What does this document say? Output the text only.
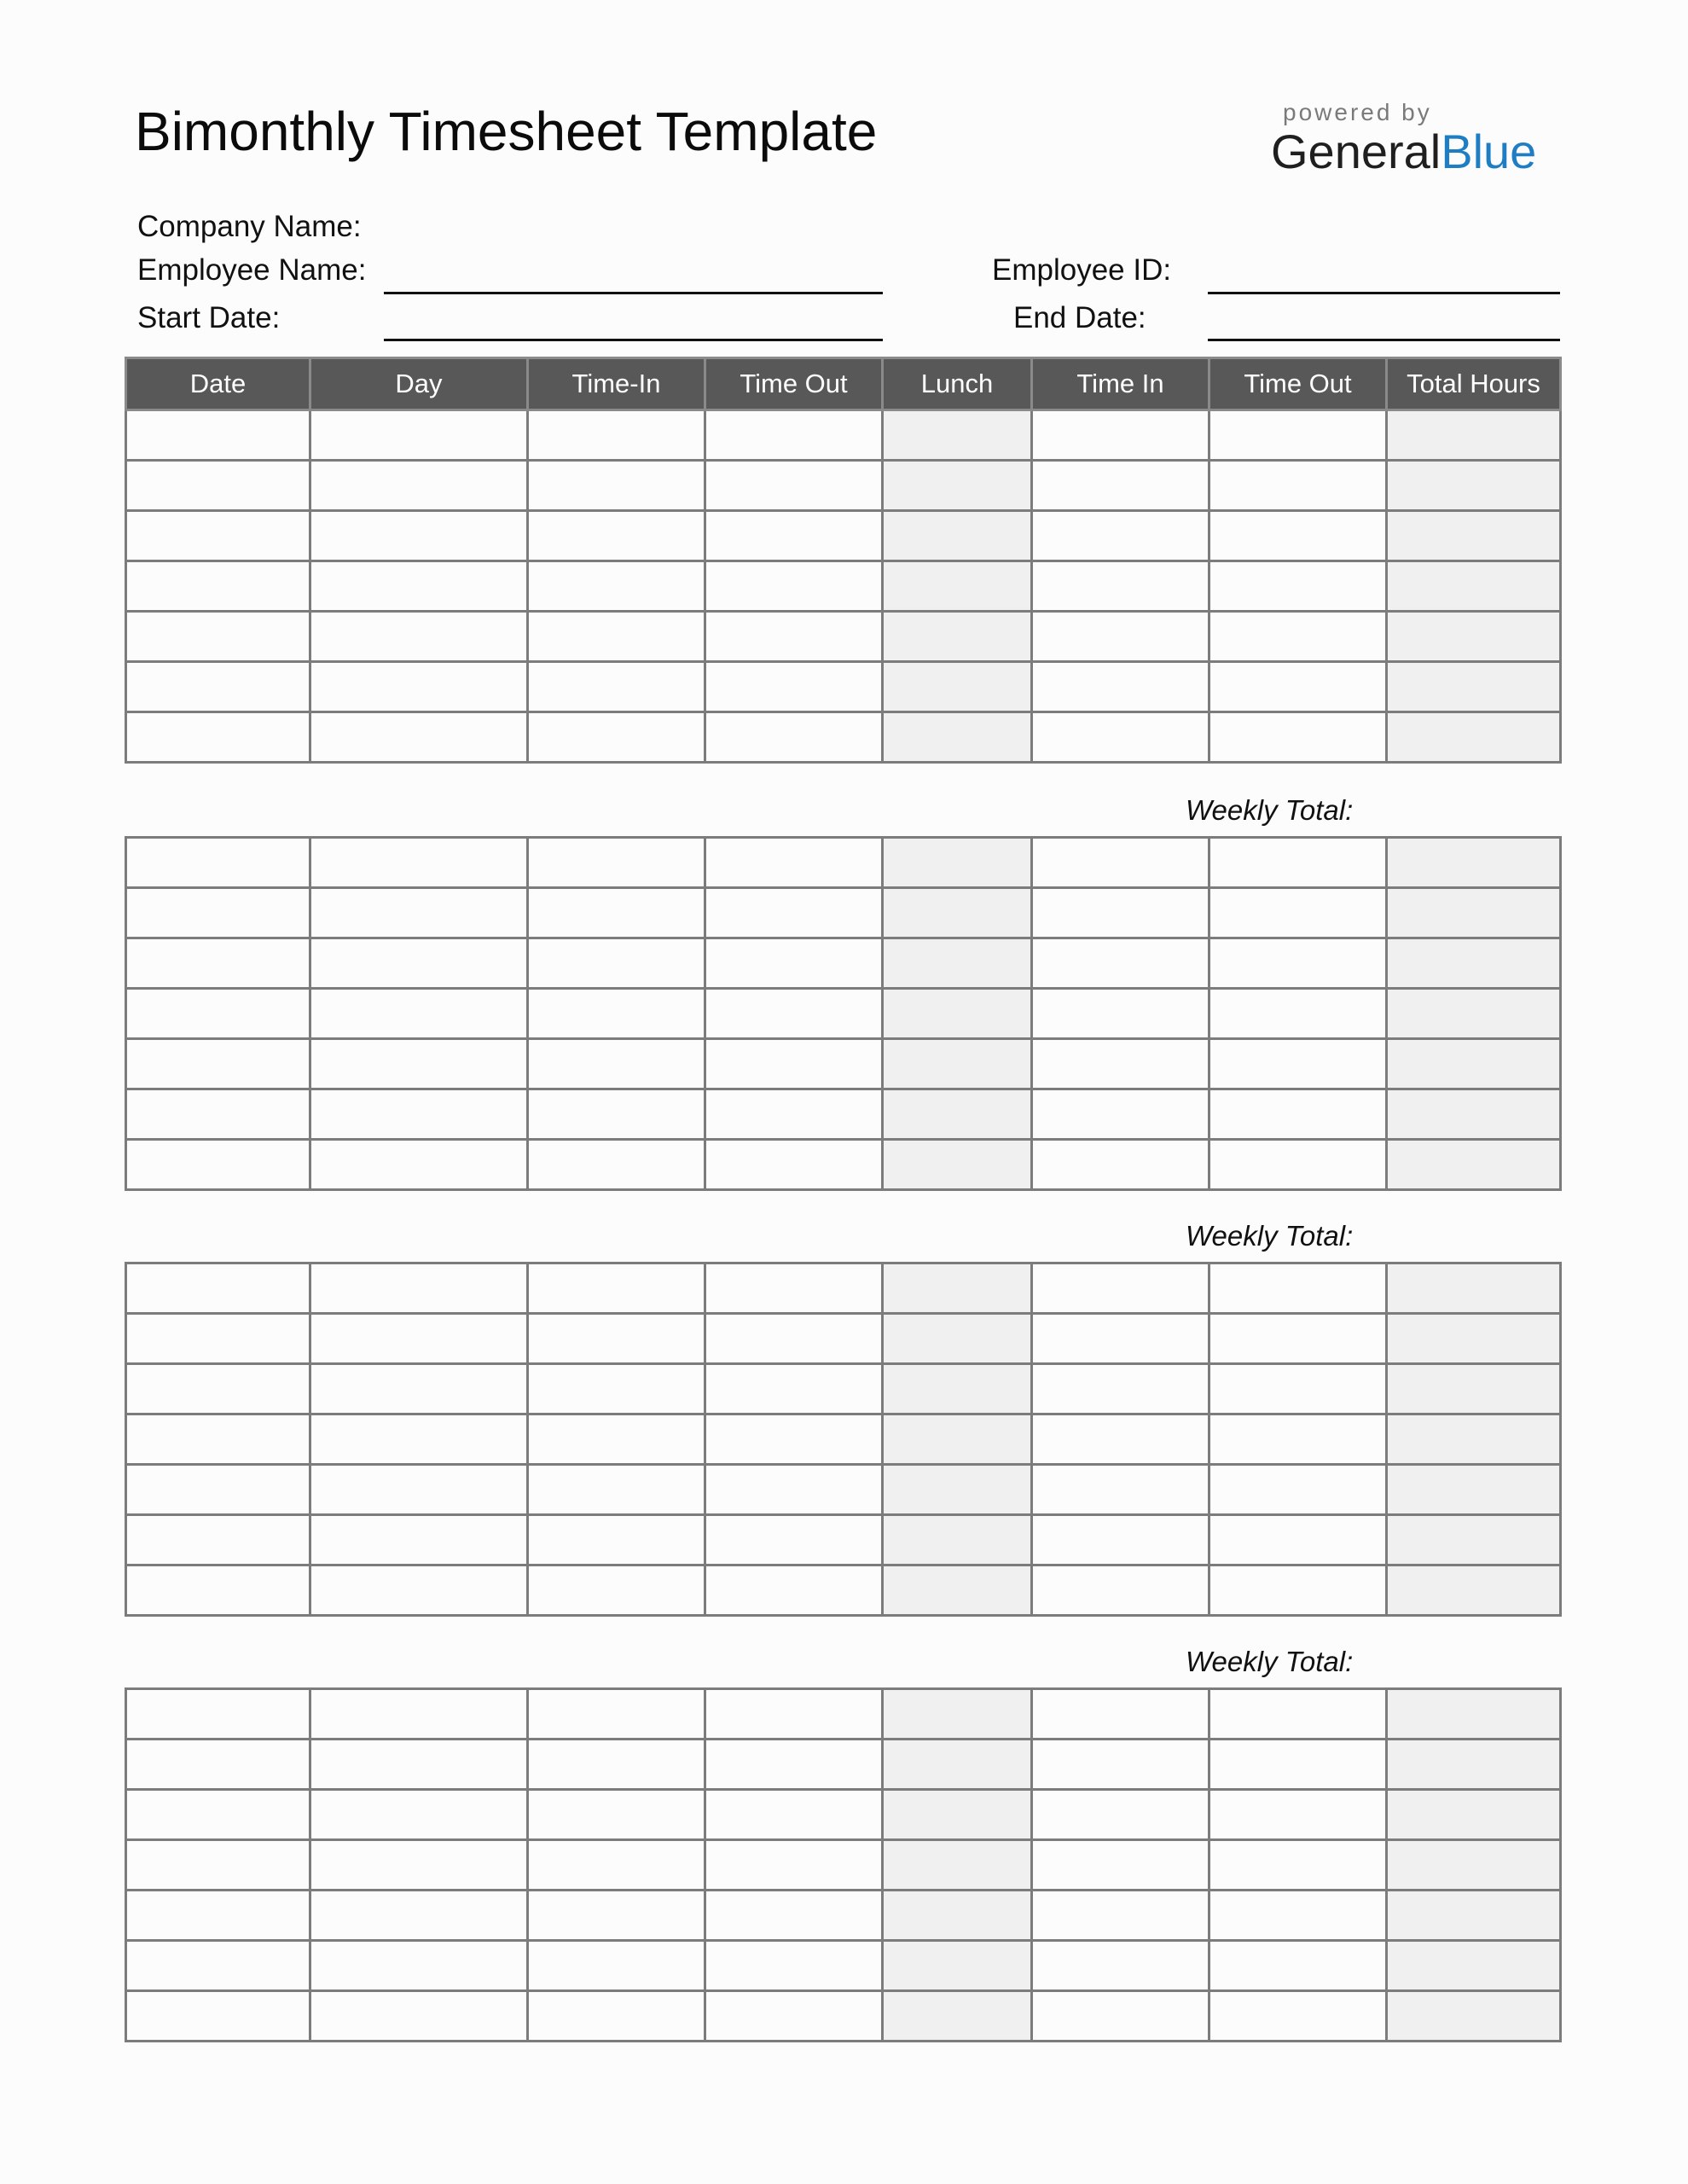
Bimonthly Timesheet Template	powered by
GeneralBlue
Company Name:
Employee Name:
Start Date:
Employee ID:
End Date:
Date	Day	Time-In	Time Out	Lunch	Time In	Time Out	Total Hours

Weekly Total:

Weekly Total:

Weekly Total:
